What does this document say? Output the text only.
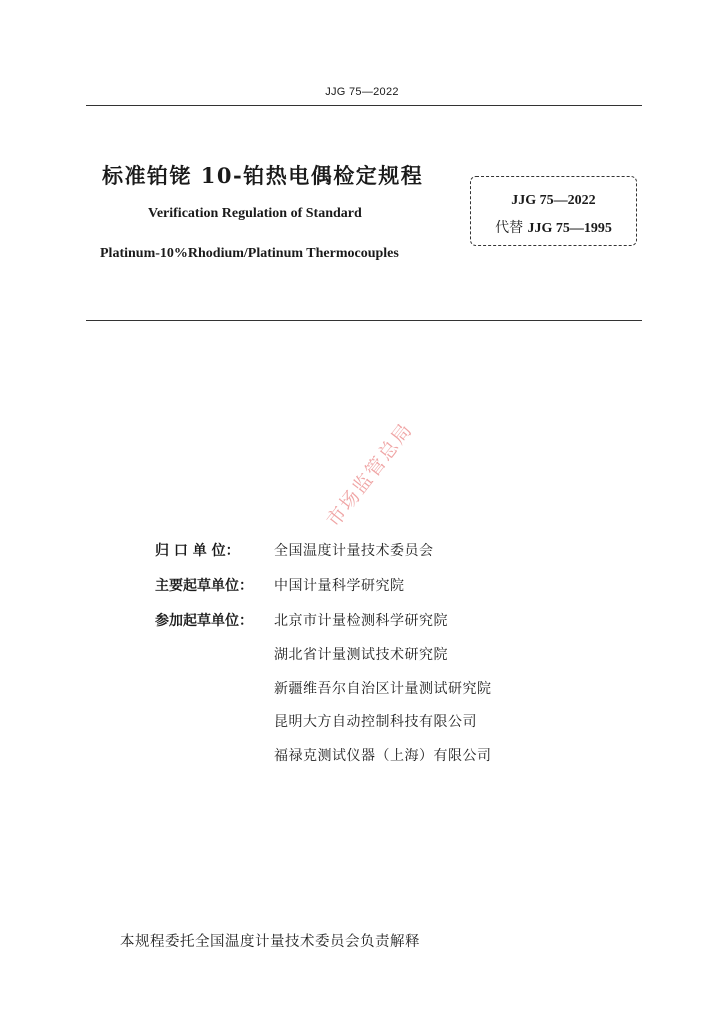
JJG 75—2022
标准铂铑 10-铂热电偶检定规程
Verification Regulation of Standard
Platinum-10%Rhodium/Platinum Thermocouples
JJG 75—2022
代替 JJG 75—1995
市场监管总局
归 口 单 位： 全国温度计量技术委员会
主要起草单位： 中国计量科学研究院
参加起草单位： 北京市计量检测科学研究院
湖北省计量测试技术研究院
新疆维吾尔自治区计量测试研究院
昆明大方自动控制科技有限公司
福禄克测试仪器（上海）有限公司
本规程委托全国温度计量技术委员会负责解释
